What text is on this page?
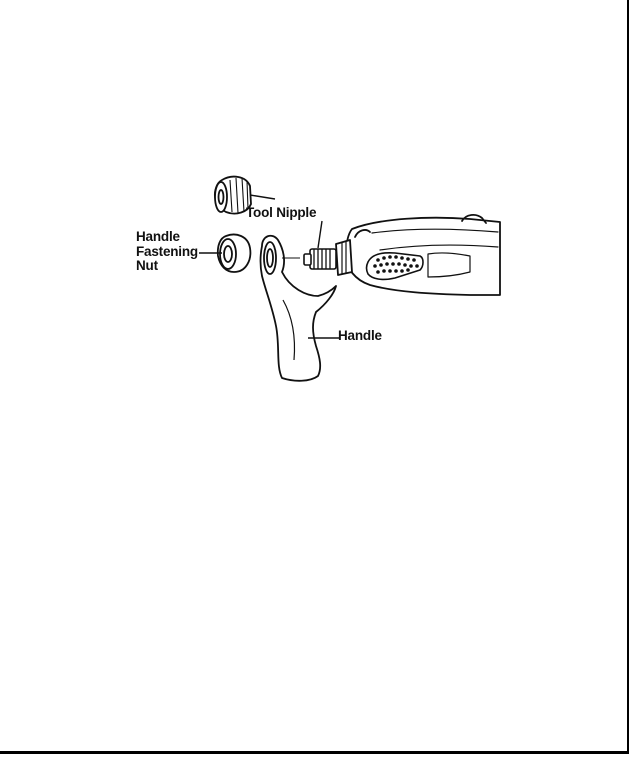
Handle
Fastening
Nut
Tool Nipple
Handle
